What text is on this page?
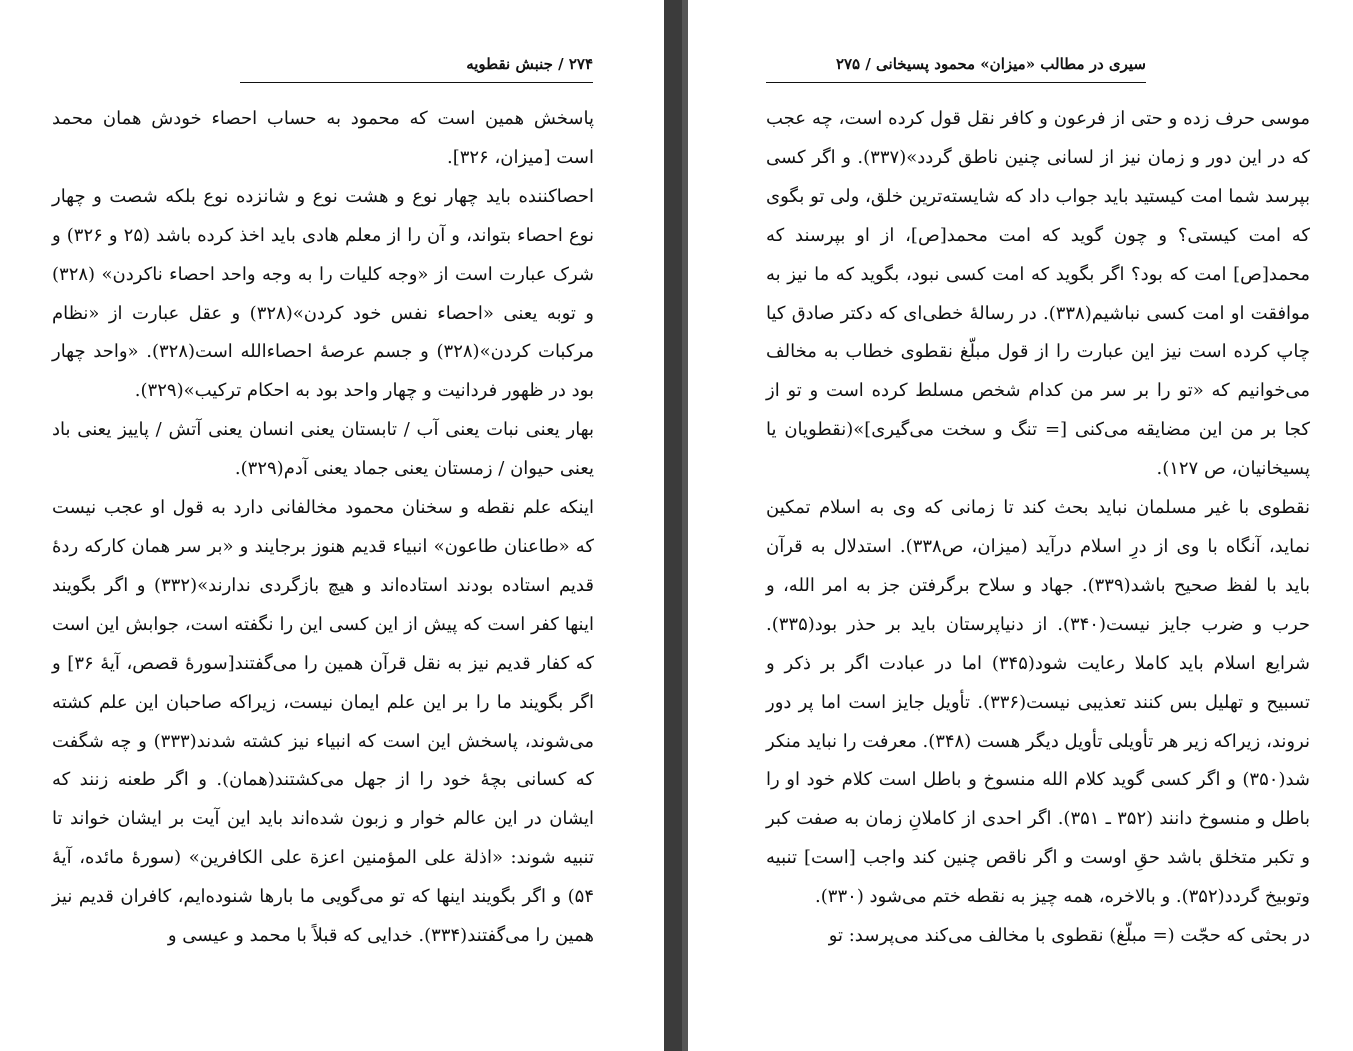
۲۷۴ / جنبش نقطویه

پاسخش همین است که محمود به حساب احصاء خودش همان محمد است [میزان، ۳۲۶].

احصاکننده باید چهار نوع و هشت نوع و شانزده نوع بلکه شصت و چهار نوع احصاء بتواند، و آن را از معلم هادی باید اخذ کرده باشد (۲۵ و ۳۲۶) و شرک عبارت است از «وجه کلیات را به وجه واحد احصاء ناکردن» (۳۲۸) و توبه یعنی «احصاء نفس خود کردن»(۳۲۸) و عقل عبارت از «نظام مرکبات کردن»(۳۲۸) و جسم عرصهٔ احصاءالله است(۳۲۸). «واحد چهار بود در ظهور فردانیت و چهار واحد بود به احکام ترکیب»(۳۲۹).

بهار یعنی نبات یعنی آب / تابستان یعنی انسان یعنی آتش / پاییز یعنی باد یعنی حیوان / زمستان یعنی جماد یعنی آدم(۳۲۹).

اینکه علم نقطه و سخنان محمود مخالفانی دارد به قول او عجب نیست که «طاعنان طاعون» انبیاء قدیم هنوز برجایند و «بر سر همان کارکه ردهٔ قدیم استاده بودند استاده‌اند و هیچ بازگردی ندارند»(۳۳۲) و اگر بگویند اینها کفر است که پیش از این کسی این را نگفته است، جوابش این است که کفار قدیم نیز به نقل قرآن همین را می‌گفتند[سورهٔ قصص، آیهٔ ۳۶] و اگر بگویند ما را بر این علم ایمان نیست، زیراکه صاحبان این علم کشته می‌شوند، پاسخش این است که انبیاء نیز کشته شدند(۳۳۳) و چه شگفت که کسانی بچهٔ خود را از جهل می‌کشتند(همان). و اگر طعنه زنند که ایشان در این عالم خوار و زبون شده‌اند باید این آیت بر ایشان خواند تا تنبیه شوند: «اذلة علی المؤمنین اعزة علی الکافرین» (سورهٔ مائده، آیهٔ ۵۴) و اگر بگویند اینها که تو می‌گویی ما بارها شنوده‌ایم، کافران قدیم نیز همین را می‌گفتند(۳۳۴). خدایی که قبلاً با محمد و عیسی و

سیری در مطالب «میزان» محمود پسیخانی / ۲۷۵

موسی حرف زده و حتی از فرعون و کافر نقل قول کرده است، چه عجب که در این دور و زمان نیز از لسانی چنین ناطق گردد»(۳۳۷). و اگر کسی بپرسد شما امت کیستید باید جواب داد که شایسته‌ترین خلق، ولی تو بگوی که امت کیستی؟ و چون گوید که امت محمد[ص]، از او بپرسند که محمد[ص] امت که بود؟ اگر بگوید که امت کسی نبود، بگوید که ما نیز به موافقت او امت کسی نباشیم(۳۳۸). در رسالهٔ خطی‌ای که دکتر صادق کیا چاپ کرده است نیز این عبارت را از قول مبلّغ نقطوی خطاب به مخالف می‌خوانیم که «تو را بر سر من کدام شخص مسلط کرده است و تو از کجا بر من این مضایقه می‌کنی [= تنگ و سخت می‌گیری]»(نقطویان یا پسیخانیان، ص ۱۲۷).

نقطوی با غیر مسلمان نباید بحث کند تا زمانی که وی به اسلام تمکین نماید، آنگاه با وی از درِ اسلام درآید (میزان، ص۳۳۸). استدلال به قرآن باید با لفظ صحیح باشد(۳۳۹). جهاد و سلاح برگرفتن جز به امر الله، و حرب و ضرب جایز نیست(۳۴۰). از دنیاپرستان باید بر حذر بود(۳۳۵). شرایع اسلام باید کاملا رعایت شود(۳۴۵) اما در عبادت اگر بر ذکر و تسبیح و تهلیل بس کنند تعذیبی نیست(۳۳۶). تأویل جایز است اما پر دور نروند، زیراکه زیر هر تأویلی تأویل دیگر هست (۳۴۸). معرفت را نباید منکر شد(۳۵۰) و اگر کسی گوید کلام الله منسوخ و باطل است کلام خود او را باطل و منسوخ دانند (۳۵۲ ـ ۳۵۱). اگر احدی از کاملانِ زمان به صفت کبر و تکبر متخلق باشد حقِ اوست و اگر ناقص چنین کند واجب [است] تنبیه وتوبیخ گردد(۳۵۲). و بالاخره، همه چیز به نقطه ختم می‌شود (۳۳۰).

در بحثی که حجّت (= مبلّغ) نقطوی با مخالف می‌کند می‌پرسد: تو
